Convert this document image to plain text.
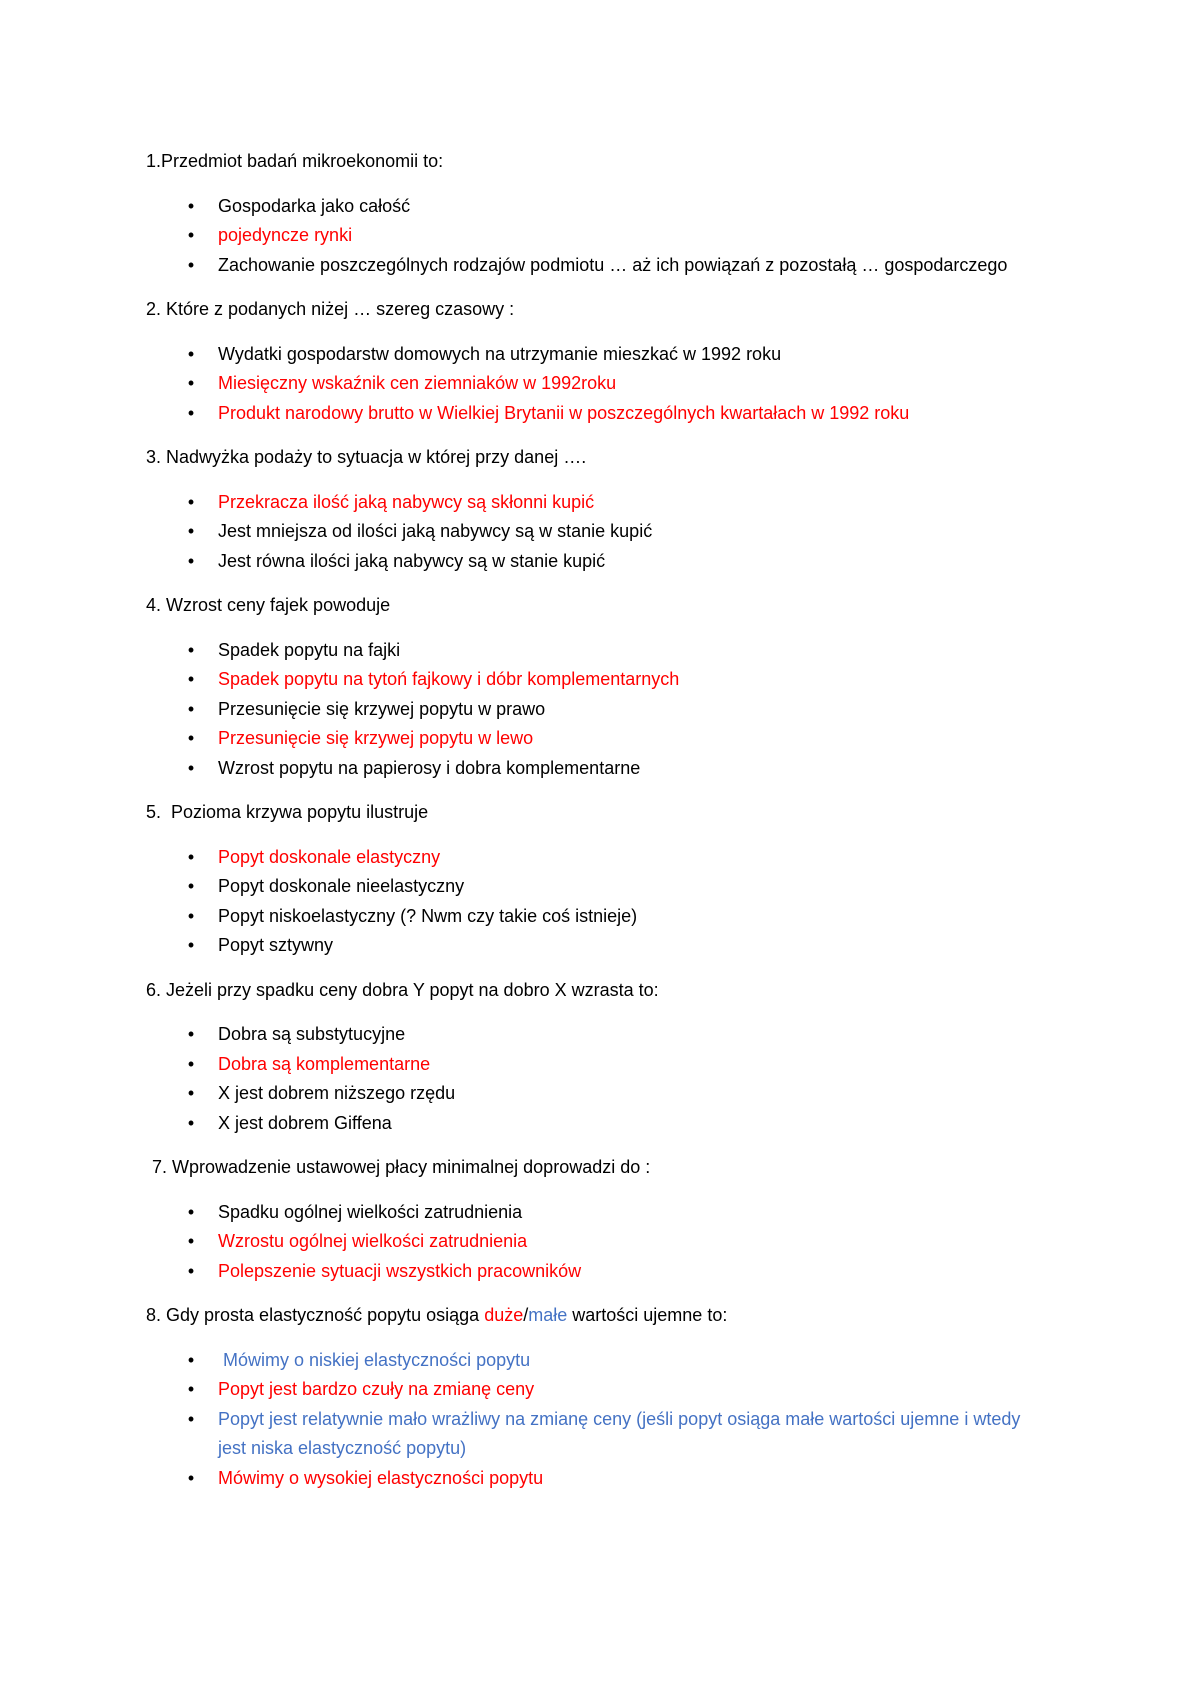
1.Przedmiot badań mikroekonomii to:

• Gospodarka jako całość
• pojedyncze rynki
• Zachowanie poszczególnych rodzajów podmiotu … aż ich powiązań z pozostałą … gospodarczego

2. Które z podanych niżej … szereg czasowy :

• Wydatki gospodarstw domowych na utrzymanie mieszkać w 1992 roku
• Miesięczny wskaźnik cen ziemniaków w 1992roku
• Produkt narodowy brutto w Wielkiej Brytanii w poszczególnych kwartałach w 1992 roku

3. Nadwyżka podaży to sytuacja w której przy danej ….

• Przekracza ilość jaką nabywcy są skłonni kupić
• Jest mniejsza od ilości jaką nabywcy są w stanie kupić
• Jest równa ilości jaką nabywcy są w stanie kupić

4. Wzrost ceny fajek powoduje

• Spadek popytu na fajki
• Spadek popytu na tytoń fajkowy i dóbr komplementarnych
• Przesunięcie się krzywej popytu w prawo
• Przesunięcie się krzywej popytu w lewo
• Wzrost popytu na papierosy i dobra komplementarne

5.  Pozioma krzywa popytu ilustruje

• Popyt doskonale elastyczny
• Popyt doskonale nieelastyczny
• Popyt niskoelastyczny (? Nwm czy takie coś istnieje)
• Popyt sztywny

6. Jeżeli przy spadku ceny dobra Y popyt na dobro X wzrasta to:

• Dobra są substytucyjne
• Dobra są komplementarne
• X jest dobrem niższego rzędu
• X jest dobrem Giffena

7. Wprowadzenie ustawowej płacy minimalnej doprowadzi do :

• Spadku ogólnej wielkości zatrudnienia
• Wzrostu ogólnej wielkości zatrudnienia
• Polepszenie sytuacji wszystkich pracowników

8. Gdy prosta elastyczność popytu osiąga duże/małe wartości ujemne to:

• Mówimy o niskiej elastyczności popytu
• Popyt jest bardzo czuły na zmianę ceny
• Popyt jest relatywnie mało wrażliwy na zmianę ceny (jeśli popyt osiąga małe wartości ujemne i wtedy jest niska elastyczność popytu)
• Mówimy o wysokiej elastyczności popytu
